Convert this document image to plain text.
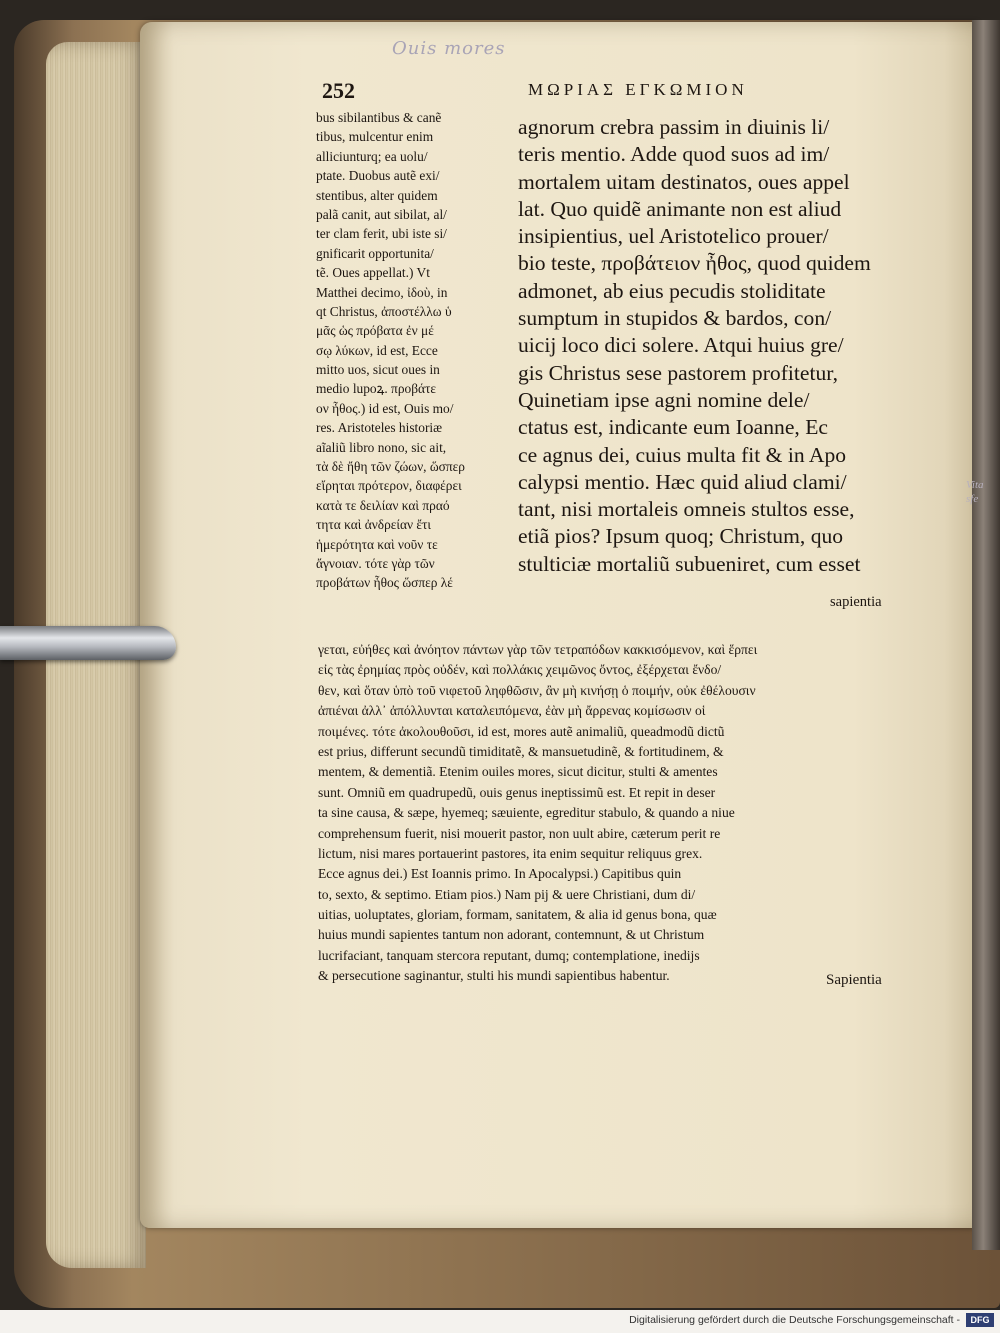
Ouis mores
Vita sfe
252	ΜΩΡΙΑΣ ΕΓΚΩΜΙΟΝ
bus sibilantibus & canẽ
tibus, mulcentur enim
alliciunturq; ea uolu/
ptate. Duobus autẽ exi/
stentibus, alter quidem
palã canit, aut sibilat, al/
ter clam ferit, ubi iste si/
gnificarit opportunita/
tẽ. Oues appellat.) Vt
Matthei decimo, ἰδοὺ, in
qt Christus, ἀποστέλλω ὑ
μᾶς ὡς πρόβατα ἐν μέ
σῳ λύκων, id est, Ecce
mitto uos, sicut oues in
medio lupoꝝ. προβάτε
ον ἦθος.) id est, Ouis mo/
res. Aristoteles historiæ
aĩaliũ libro nono, sic ait,
τὰ δὲ ἤθη τῶν ζώων, ὥσπερ
εἴρηται πρότερον, διαφέρει
κατὰ τε δειλίαν καὶ πραό
τητα καὶ ἀνδρείαν ἔτι
ἡμερότητα καὶ νοῦν τε
ἄγνοιαν. τότε γὰρ τῶν
προβάτων ἦθος ὥσπερ λέ
agnorum crebra passim in diuinis li/
teris mentio. Adde quod suos ad im/
mortalem uitam destinatos, oues appel
lat. Quo quidẽ animante non est aliud
insipientius, uel Aristotelico prouer/
bio teste, προβάτειον ἦθος, quod quidem
admonet, ab eius pecudis stoliditate
sumptum in stupidos & bardos, con/
uicij loco dici solere. Atqui huius gre/
gis Christus sese pastorem profitetur,
Quinetiam ipse agni nomine dele/
ctatus est, indicante eum Ioanne, Ec
ce agnus dei, cuius multa fit & in Apo
calypsi mentio. Hæc quid aliud clami/
tant, nisi mortaleis omneis stultos esse,
etiã pios? Ipsum quoq; Christum, quo
stulticiæ mortaliũ subueniret, cum esset
sapientia
γεται, εὐήθες καὶ ἀνόητον πάντων γὰρ τῶν τετραπόδων κακκισόμενον, καὶ ἕρπει
εἰς τὰς ἐρημίας πρὸς οὐδέν, καὶ πολλάκις χειμῶνος ὄντος, ἐξέρχεται ἔνδο/
θεν, καὶ ὅταν ὑπὸ τοῦ νιφετοῦ ληφθῶσιν, ἂν μὴ κινήσῃ ὁ ποιμήν, οὐκ ἐθέλουσιν
ἀπιέναι ἀλλ᾽ ἀπόλλυνται καταλειπόμενα, ἐὰν μὴ ἄρρενας κομίσωσιν οἱ
ποιμένες. τότε ἀκολουθοῦσι, id est, mores autẽ animaliũ, queadmodũ dictũ
est prius, differunt secundũ timiditatẽ, & mansuetudinẽ, & fortitudinem, &
mentem, & dementiã. Etenim ouiles mores, sicut dicitur, stulti & amentes
sunt. Omniũ em quadrupedũ, ouis genus ineptissimũ est. Et repit in deser
ta sine causa, & sæpe, hyemeq; sæuiente, egreditur stabulo, & quando a niue
comprehensum fuerit, nisi mouerit pastor, non uult abire, cæterum perit re
lictum, nisi mares portauerint pastores, ita enim sequitur reliquus grex.
Ecce agnus dei.) Est Ioannis primo. In Apocalypsi.) Capitibus quin
to, sexto, & septimo. Etiam pios.) Nam pij & uere Christiani, dum di/
uitias, uoluptates, gloriam, formam, sanitatem, & alia id genus bona, quæ
huius mundi sapientes tantum non adorant, contemnunt, & ut Christum
lucrifaciant, tanquam stercora reputant, dumq; contemplatione, inedijs
& persecutione saginantur, stulti his mundi sapientibus habentur.	Sapientia
Digitalisierung gefördert durch die Deutsche Forschungsgemeinschaft -	DFG
